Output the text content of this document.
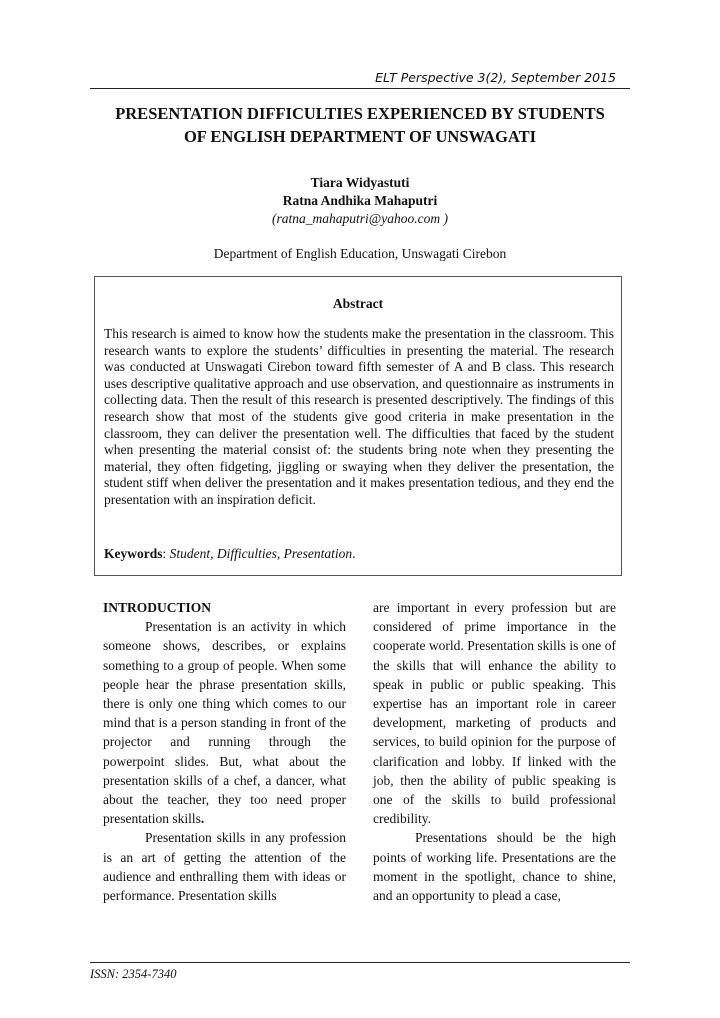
ELT Perspective 3(2), September 2015
PRESENTATION DIFFICULTIES EXPERIENCED BY STUDENTS
OF ENGLISH DEPARTMENT OF UNSWAGATI
Tiara Widyastuti
Ratna Andhika Mahaputri
(ratna_mahaputri@yahoo.com )
Department of English Education, Unswagati Cirebon
Abstract

This research is aimed to know how the students make the presentation in the classroom. This research wants to explore the students’ difficulties in presenting the material. The research was conducted at Unswagati Cirebon toward fifth semester of A and B class. This research uses descriptive qualitative approach and use observation, and questionnaire as instruments in collecting data. Then the result of this research is presented descriptively. The findings of this research show that most of the students give good criteria in make presentation in the classroom, they can deliver the presentation well. The difficulties that faced by the student when presenting the material consist of: the students bring note when they presenting the material, they often fidgeting, jiggling or swaying when they deliver the presentation, the student stiff when deliver the presentation and it makes presentation tedious, and they end the presentation with an inspiration deficit.

Keywords: Student, Difficulties, Presentation.
INTRODUCTION

Presentation is an activity in which someone shows, describes, or explains something to a group of people. When some people hear the phrase presentation skills, there is only one thing which comes to our mind that is a person standing in front of the projector and running through the powerpoint slides. But, what about the presentation skills of a chef, a dancer, what about the teacher, they too need proper presentation skills.

Presentation skills in any profession is an art of getting the attention of the audience and enthralling them with ideas or performance. Presentation skills

are important in every profession but are considered of prime importance in the cooperate world. Presentation skills is one of the skills that will enhance the ability to speak in public or public speaking. This expertise has an important role in career development, marketing of products and services, to build opinion for the purpose of clarification and lobby. If linked with the job, then the ability of public speaking is one of the skills to build professional credibility.

Presentations should be the high points of working life. Presentations are the moment in the spotlight, chance to shine, and an opportunity to plead a case,

ISSN: 2354-7340
